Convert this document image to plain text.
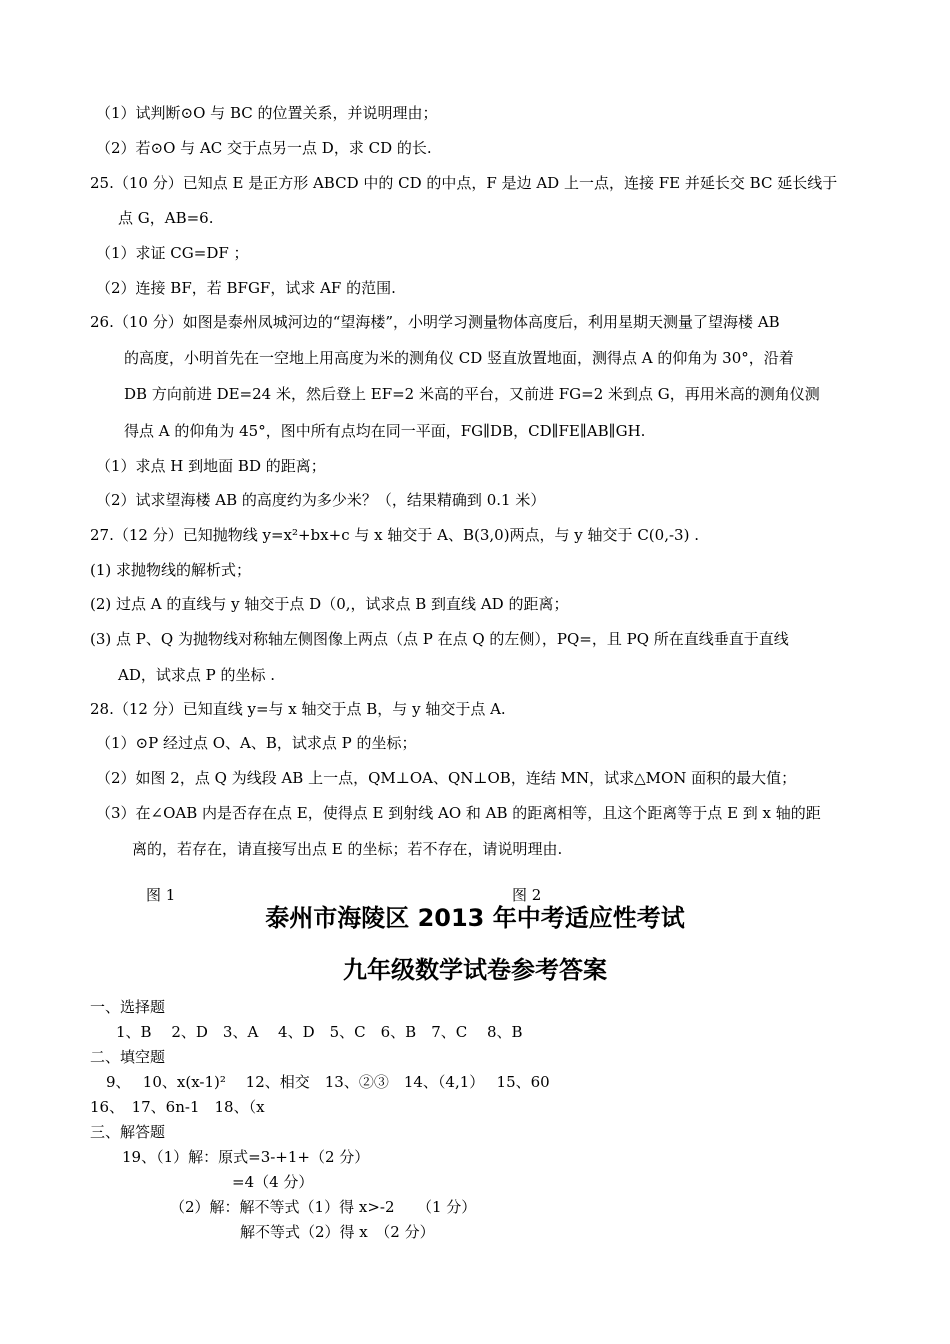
（1）试判断⊙O 与 BC 的位置关系，并说明理由；
（2）若⊙O 与 AC 交于点另一点 D，求 CD 的长.
25.（10 分）已知点 E 是正方形 ABCD 中的 CD 的中点，F 是边 AD 上一点，连接 FE 并延长交 BC 延长线于
点 G，AB=6.
（1）求证 CG=DF ；
（2）连接 BF，若 BFGF，试求 AF 的范围.
26.（10 分）如图是泰州凤城河边的“望海楼”，小明学习测量物体高度后，利用星期天测量了望海楼 AB
的高度，小明首先在一空地上用高度为米的测角仪 CD 竖直放置地面，测得点 A 的仰角为 30°，沿着
DB 方向前进 DE=24 米，然后登上 EF=2 米高的平台，又前进 FG=2 米到点 G，再用米高的测角仪测
得点 A 的仰角为 45°，图中所有点均在同一平面，FG∥DB，CD∥FE∥AB∥GH.
（1）求点 H 到地面 BD 的距离；
（2）试求望海楼 AB 的高度约为多少米？（，结果精确到 0.1 米）
27.（12 分）已知抛物线 y=x²+bx+c 与 x 轴交于 A、B(3,0)两点，与 y 轴交于 C(0,-3) .
(1) 求抛物线的解析式；
(2) 过点 A 的直线与 y 轴交于点 D（0,，试求点 B 到直线 AD 的距离；
(3) 点 P、Q 为抛物线对称轴左侧图像上两点（点 P 在点 Q 的左侧），PQ=，且 PQ 所在直线垂直于直线
AD，试求点 P 的坐标 .
28.（12 分）已知直线 y=与 x 轴交于点 B，与 y 轴交于点 A.
（1）⊙P 经过点 O、A、B，试求点 P 的坐标；
（2）如图 2，点 Q 为线段 AB 上一点，QM⊥OA、QN⊥OB，连结 MN，试求△MON 面积的最大值；
（3）在∠OAB 内是否存在点 E，使得点 E 到射线 AO 和 AB 的距离相等，且这个距离等于点 E 到 x 轴的距
离的，若存在，请直接写出点 E 的坐标；若不存在，请说明理由.
图 1	图 2
泰州市海陵区 2013 年中考适应性考试
九年级数学试卷参考答案
一、选择题
1、B　 2、D　3、A　 4、D　5、C　6、B　7、C　 8、B
二、填空题
9、　 10、x(x-1)²　 12、相交　13、②③　14、（4,1）　 15、60
16、　17、6n-1　18、（x
三、解答题
19、（1）解：原式=3-+1+（2 分）
=4（4 分）
（2）解：解不等式（1）得 x>-2　　（1 分）
解不等式（2）得 x　（2 分）
